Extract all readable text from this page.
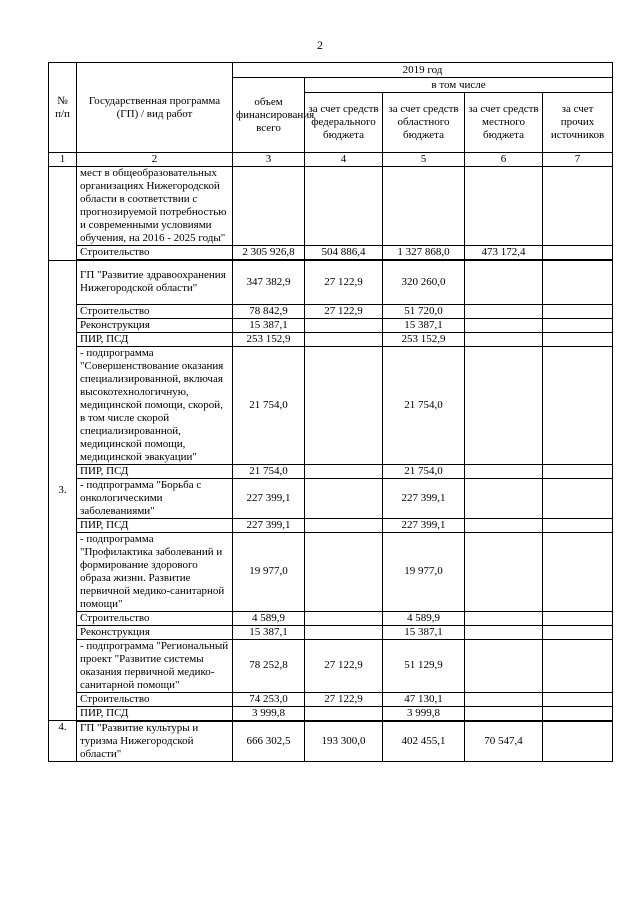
2
№ п/п	Государственная программа (ГП) / вид работ	2019 год				
		объем финансирования всего	в том числе			
			за счет средств федерального бюджета	за счет средств областного бюджета	за счет средств местного бюджета	за счет прочих источников
1	2	3	4	5	6	7
	мест в общеобразовательных организациях Нижегородской области в соответствии с прогнозируемой потребностью и современными условиями обучения, на 2016 - 2025 годы"					
	Строительство	2 305 926,8	504 886,4	1 327 868,0	473 172,4	
3.	ГП "Развитие здравоохранения Нижегородской области"	347 382,9	27 122,9	320 260,0		
	Строительство	78 842,9	27 122,9	51 720,0		
	Реконструкция	15 387,1		15 387,1		
	ПИР, ПСД	253 152,9		253 152,9		
	- подпрограмма "Совершенствование оказания специализированной, включая высокотехнологичную, медицинской помощи, скорой, в том числе скорой специализированной, медицинской помощи, медицинской эвакуации"	21 754,0		21 754,0		
	ПИР, ПСД	21 754,0		21 754,0		
	- подпрограмма "Борьба с онкологическими заболеваниями"	227 399,1		227 399,1		
	ПИР, ПСД	227 399,1		227 399,1		
	- подпрограмма "Профилактика заболеваний и формирование здорового образа жизни. Развитие первичной медико-санитарной помощи"	19 977,0		19 977,0		
	Строительство	4 589,9		4 589,9		
	Реконструкция	15 387,1		15 387,1		
	- подпрограмма "Региональный проект "Развитие системы оказания первичной медико-санитарной помощи"	78 252,8	27 122,9	51 129,9		
	Строительство	74 253,0	27 122,9	47 130,1		
	ПИР, ПСД	3 999,8		3 999,8		
4.	ГП "Развитие культуры и туризма Нижегородской области"	666 302,5	193 300,0	402 455,1	70 547,4	
